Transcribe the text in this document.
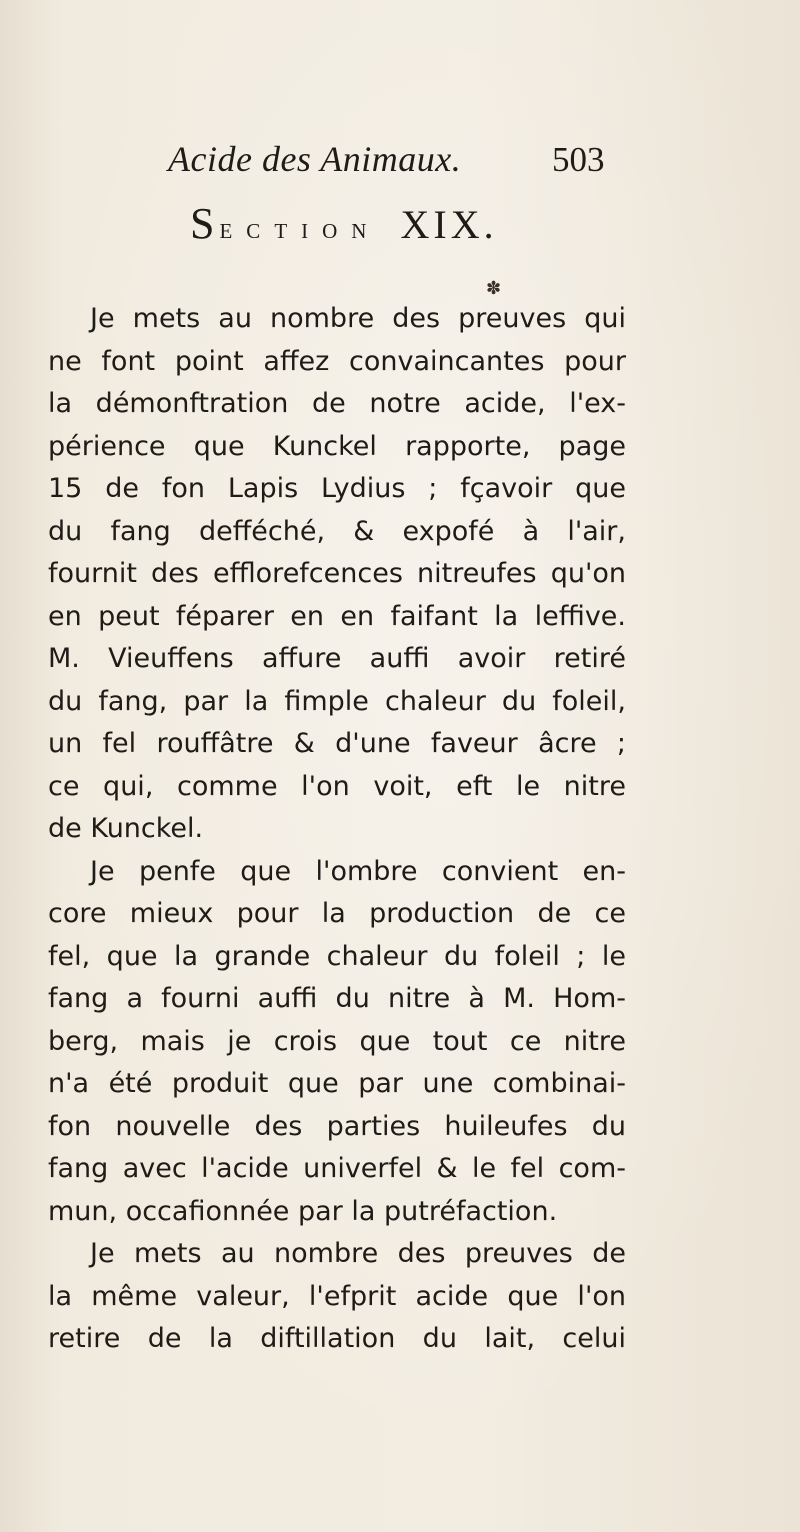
Acide des Animaux.	503
Section XIX.
✽
Je mets au nombre des preuves qui
ne font point affez convaincantes pour
la démonftration de notre acide, l'ex-
périence que Kunckel rapporte, page
15 de fon Lapis Lydius ; fçavoir que
du fang defféché, & expofé à l'air,
fournit des efflorefcences nitreufes qu'on
en peut féparer en en faifant la leffive.
M. Vieuffens affure auffi avoir retiré
du fang, par la fimple chaleur du foleil,
un fel rouffâtre & d'une faveur âcre ;
ce qui, comme l'on voit, eft le nitre
de Kunckel.
Je penfe que l'ombre convient en-
core mieux pour la production de ce
fel, que la grande chaleur du foleil ; le
fang a fourni auffi du nitre à M. Hom-
berg, mais je crois que tout ce nitre
n'a été produit que par une combinai-
fon nouvelle des parties huileufes du
fang avec l'acide univerfel & le fel com-
mun, occafionnée par la putréfaction.
Je mets au nombre des preuves de
la même valeur, l'efprit acide que l'on
retire de la diftillation du lait, celui
